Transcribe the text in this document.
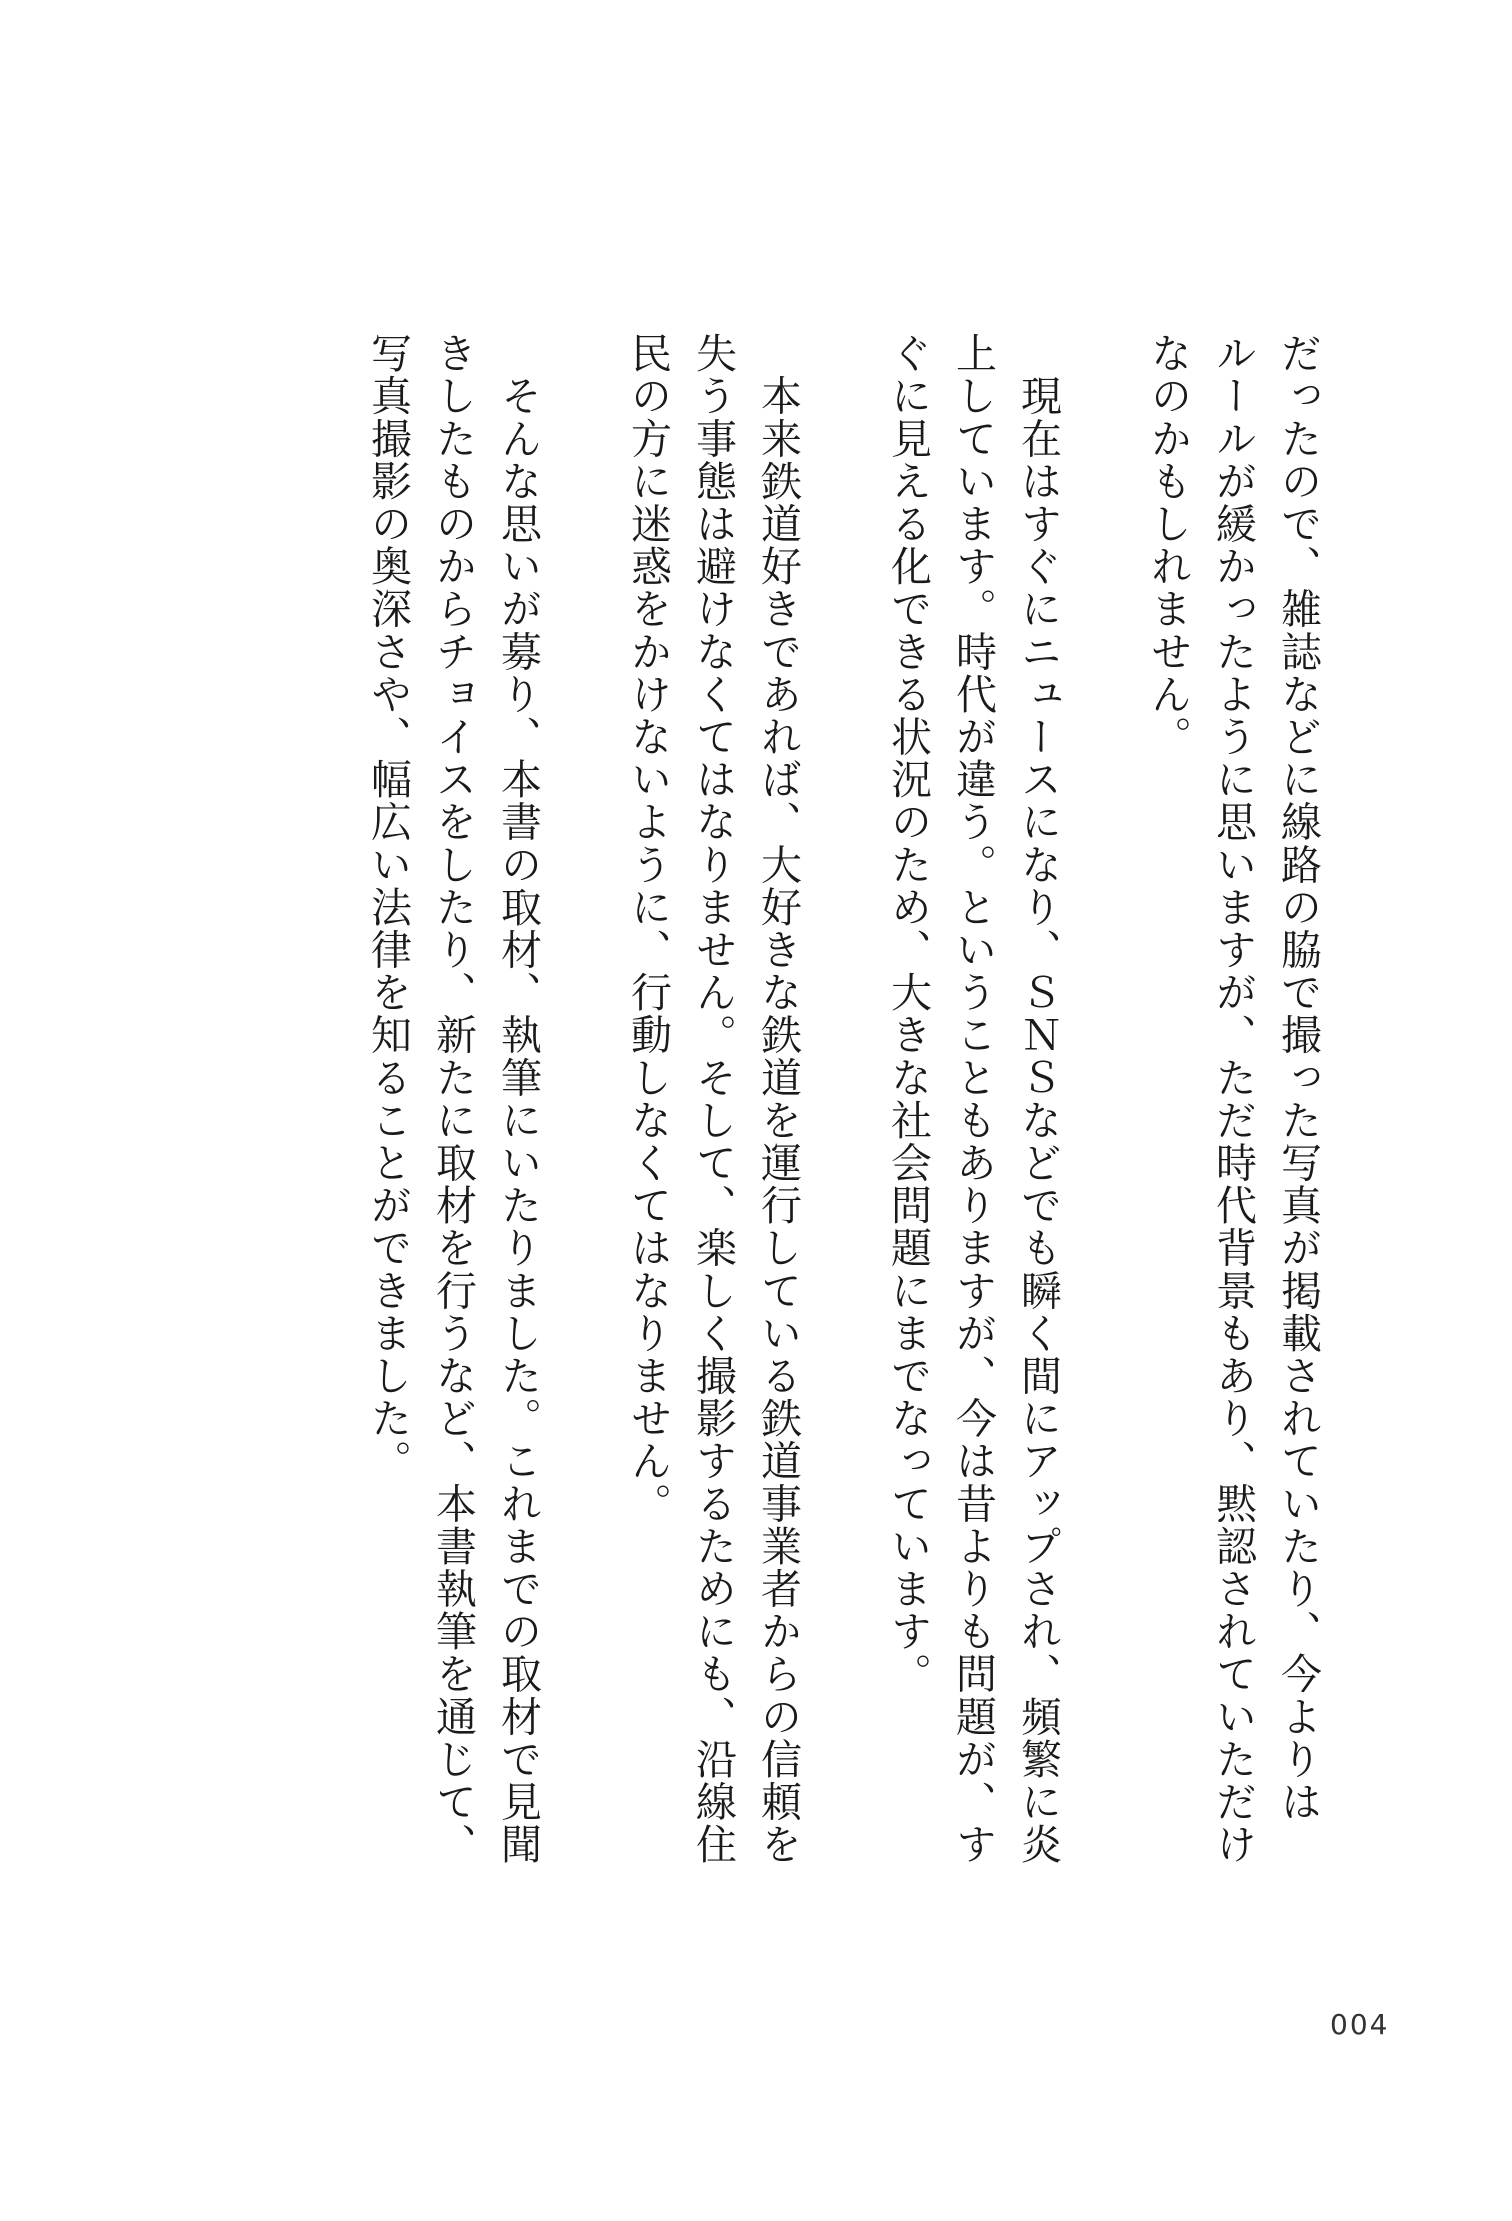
だったので、雑誌などに線路の脇で撮った写真が掲載されていたり、今よりは
ルールが緩かったように思いますが、ただ時代背景もあり、黙認されていただけ
なのかもしれません。

　現在はすぐにニュースになり、ＳＮＳなどでも瞬く間にアップされ、頻繁に炎
上しています。時代が違う。ということもありますが、今は昔よりも問題が、す
ぐに見える化できる状況のため、大きな社会問題にまでなっています。

　本来鉄道好きであれば、大好きな鉄道を運行している鉄道事業者からの信頼を
失う事態は避けなくてはなりません。そして、楽しく撮影するためにも、沿線住
民の方に迷惑をかけないように、行動しなくてはなりません。

　そんな思いが募り、本書の取材、執筆にいたりました。これまでの取材で見聞
きしたものからチョイスをしたり、新たに取材を行うなど、本書執筆を通じて、
写真撮影の奥深さや、幅広い法律を知ることができました。
004
